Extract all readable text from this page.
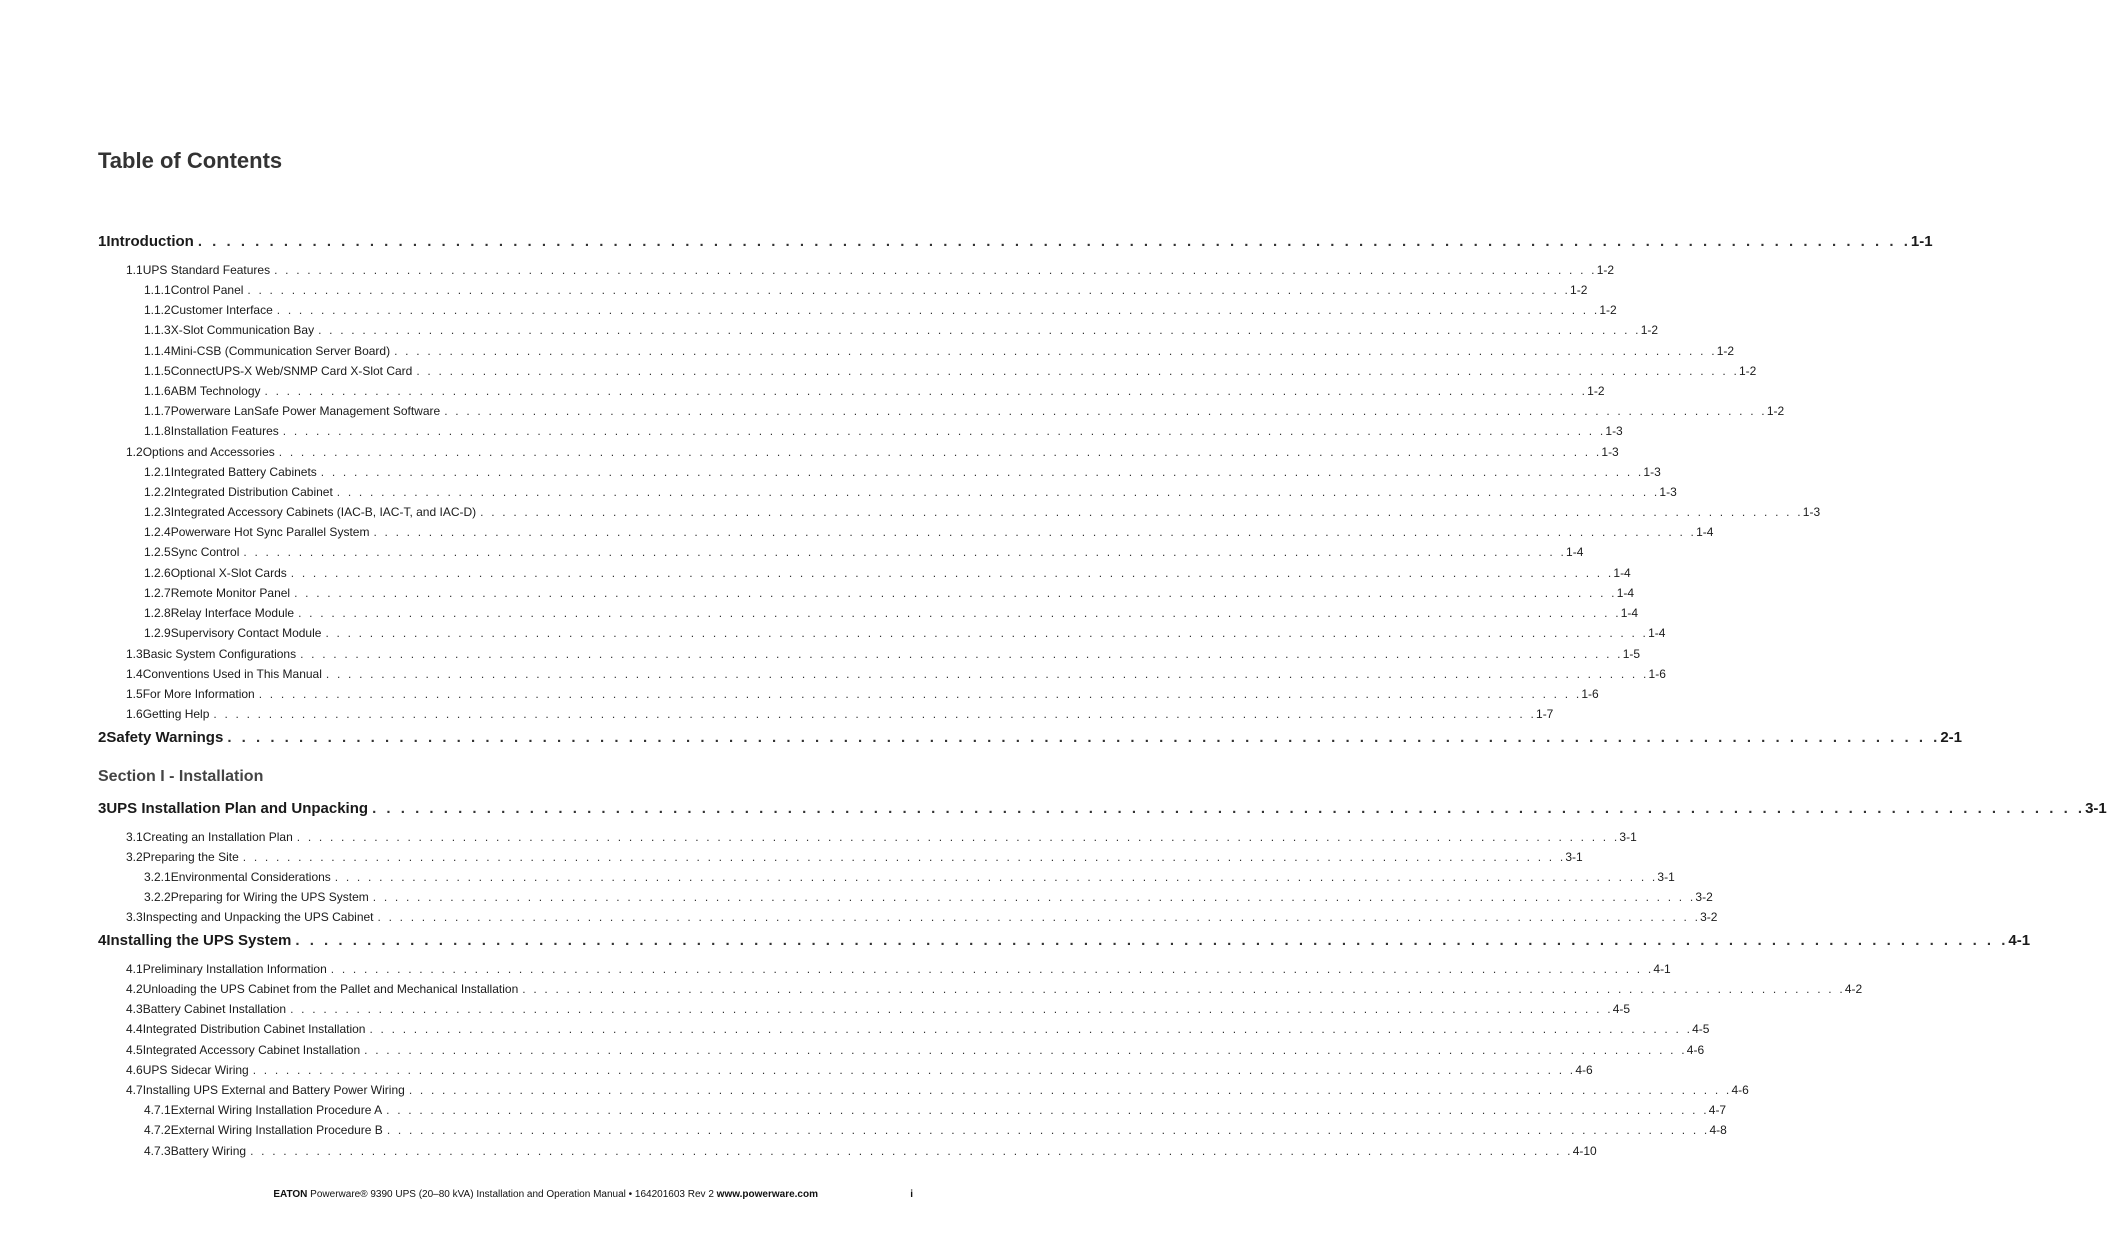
Table of Contents
1 Introduction . . . . . . . . . . . . . . . . . . . . . . . . . . . . . . . . . . . . . . . . . . . . . . . . . . . . . . . . . . . . . . . . . . . . . . . . . . . . . . . . . . . . . . . . . . . . . . . . . . . . . . . . . . . . . . . . . . . . . . . . 1-1
1.1 UPS Standard Features . . . . . . . . . . . . . . . . . . . . . . . . . . . . . . . . . . . . . . . . . . . . . . . . . . . . . . . . . . . . . . . . . . . . . . . . . . . . . . . . . . . . . . . . . . . . . . . . . . . . . . . . . . . . . . . . . . . . . . . . 1-2
1.1.1 Control Panel . . . . . . . . . . . . . . . . . . . . . . . . . . . . . . . . . . . . . . . . . . . . . . . . . . . . . . . . . . . . . . . . . . . . . . . . . . . . . . . . . . . . . . . . . . . . . . . . . . . . . . . . . . . . . . . . . . . . . . . . 1-2
1.1.2 Customer Interface . . . . . . . . . . . . . . . . . . . . . . . . . . . . . . . . . . . . . . . . . . . . . . . . . . . . . . . . . . . . . . . . . . . . . . . . . . . . . . . . . . . . . . . . . . . . . . . . . . . . . . . . . . . . . . . . . . . . . . . . 1-2
1.1.3 X-Slot Communication Bay . . . . . . . . . . . . . . . . . . . . . . . . . . . . . . . . . . . . . . . . . . . . . . . . . . . . . . . . . . . . . . . . . . . . . . . . . . . . . . . . . . . . . . . . . . . . . . . . . . . . . . . . . . . . . . . . . . . . . . . . 1-2
1.1.4 Mini-CSB (Communication Server Board) . . . . . . . . . . . . . . . . . . . . . . . . . . . . . . . . . . . . . . . . . . . . . . . . . . . . . . . . . . . . . . . . . . . . . . . . . . . . . . . . . . . . . . . . . . . . . . . . . . . . . . . . . . . . . . . . . . . . . . . . 1-2
1.1.5 ConnectUPS-X Web/SNMP Card X-Slot Card . . . . . . . . . . . . . . . . . . . . . . . . . . . . . . . . . . . . . . . . . . . . . . . . . . . . . . . . . . . . . . . . . . . . . . . . . . . . . . . . . . . . . . . . . . . . . . . . . . . . . . . . . . . . . . . . . . . . . . . . 1-2
1.1.6 ABM Technology . . . . . . . . . . . . . . . . . . . . . . . . . . . . . . . . . . . . . . . . . . . . . . . . . . . . . . . . . . . . . . . . . . . . . . . . . . . . . . . . . . . . . . . . . . . . . . . . . . . . . . . . . . . . . . . . . . . . . . . . 1-2
1.1.7 Powerware LanSafe Power Management Software . . . . . . . . . . . . . . . . . . . . . . . . . . . . . . . . . . . . . . . . . . . . . . . . . . . . . . . . . . . . . . . . . . . . . . . . . . . . . . . . . . . . . . . . . . . . . . . . . . . . . . . . . . . . . . . . . . . . . . . . 1-2
1.1.8 Installation Features . . . . . . . . . . . . . . . . . . . . . . . . . . . . . . . . . . . . . . . . . . . . . . . . . . . . . . . . . . . . . . . . . . . . . . . . . . . . . . . . . . . . . . . . . . . . . . . . . . . . . . . . . . . . . . . . . . . . . . . . 1-3
1.2 Options and Accessories . . . . . . . . . . . . . . . . . . . . . . . . . . . . . . . . . . . . . . . . . . . . . . . . . . . . . . . . . . . . . . . . . . . . . . . . . . . . . . . . . . . . . . . . . . . . . . . . . . . . . . . . . . . . . . . . . . . . . . . . 1-3
1.2.1 Integrated Battery Cabinets . . . . . . . . . . . . . . . . . . . . . . . . . . . . . . . . . . . . . . . . . . . . . . . . . . . . . . . . . . . . . . . . . . . . . . . . . . . . . . . . . . . . . . . . . . . . . . . . . . . . . . . . . . . . . . . . . . . . . . . . 1-3
1.2.2 Integrated Distribution Cabinet . . . . . . . . . . . . . . . . . . . . . . . . . . . . . . . . . . . . . . . . . . . . . . . . . . . . . . . . . . . . . . . . . . . . . . . . . . . . . . . . . . . . . . . . . . . . . . . . . . . . . . . . . . . . . . . . . . . . . . . . 1-3
1.2.3 Integrated Accessory Cabinets (IAC-B, IAC-T, and IAC-D) . . . . . . . . . . . . . . . . . . . . . . . . . . . . . . . . . . . . . . . . . . . . . . . . . . . . . . . . . . . . . . . . . . . . . . . . . . . . . . . . . . . . . . . . . . . . . . . . . . . . . . . . . . . . . . . . . . . . . . . . 1-3
1.2.4 Powerware Hot Sync Parallel System . . . . . . . . . . . . . . . . . . . . . . . . . . . . . . . . . . . . . . . . . . . . . . . . . . . . . . . . . . . . . . . . . . . . . . . . . . . . . . . . . . . . . . . . . . . . . . . . . . . . . . . . . . . . . . . . . . . . . . . . 1-4
1.2.5 Sync Control . . . . . . . . . . . . . . . . . . . . . . . . . . . . . . . . . . . . . . . . . . . . . . . . . . . . . . . . . . . . . . . . . . . . . . . . . . . . . . . . . . . . . . . . . . . . . . . . . . . . . . . . . . . . . . . . . . . . . . . . 1-4
1.2.6 Optional X-Slot Cards . . . . . . . . . . . . . . . . . . . . . . . . . . . . . . . . . . . . . . . . . . . . . . . . . . . . . . . . . . . . . . . . . . . . . . . . . . . . . . . . . . . . . . . . . . . . . . . . . . . . . . . . . . . . . . . . . . . . . . . . 1-4
1.2.7 Remote Monitor Panel . . . . . . . . . . . . . . . . . . . . . . . . . . . . . . . . . . . . . . . . . . . . . . . . . . . . . . . . . . . . . . . . . . . . . . . . . . . . . . . . . . . . . . . . . . . . . . . . . . . . . . . . . . . . . . . . . . . . . . . . 1-4
1.2.8 Relay Interface Module . . . . . . . . . . . . . . . . . . . . . . . . . . . . . . . . . . . . . . . . . . . . . . . . . . . . . . . . . . . . . . . . . . . . . . . . . . . . . . . . . . . . . . . . . . . . . . . . . . . . . . . . . . . . . . . . . . . . . . . . 1-4
1.2.9 Supervisory Contact Module . . . . . . . . . . . . . . . . . . . . . . . . . . . . . . . . . . . . . . . . . . . . . . . . . . . . . . . . . . . . . . . . . . . . . . . . . . . . . . . . . . . . . . . . . . . . . . . . . . . . . . . . . . . . . . . . . . . . . . . . 1-4
1.3 Basic System Configurations . . . . . . . . . . . . . . . . . . . . . . . . . . . . . . . . . . . . . . . . . . . . . . . . . . . . . . . . . . . . . . . . . . . . . . . . . . . . . . . . . . . . . . . . . . . . . . . . . . . . . . . . . . . . . . . . . . . . . . . . 1-5
1.4 Conventions Used in This Manual . . . . . . . . . . . . . . . . . . . . . . . . . . . . . . . . . . . . . . . . . . . . . . . . . . . . . . . . . . . . . . . . . . . . . . . . . . . . . . . . . . . . . . . . . . . . . . . . . . . . . . . . . . . . . . . . . . . . . . . . 1-6
1.5 For More Information . . . . . . . . . . . . . . . . . . . . . . . . . . . . . . . . . . . . . . . . . . . . . . . . . . . . . . . . . . . . . . . . . . . . . . . . . . . . . . . . . . . . . . . . . . . . . . . . . . . . . . . . . . . . . . . . . . . . . . . . 1-6
1.6 Getting Help . . . . . . . . . . . . . . . . . . . . . . . . . . . . . . . . . . . . . . . . . . . . . . . . . . . . . . . . . . . . . . . . . . . . . . . . . . . . . . . . . . . . . . . . . . . . . . . . . . . . . . . . . . . . . . . . . . . . . . . . 1-7
2 Safety Warnings . . . . . . . . . . . . . . . . . . . . . . . . . . . . . . . . . . . . . . . . . . . . . . . . . . . . . . . . . . . . . . . . . . . . . . . . . . . . . . . . . . . . . . . . . . . . . . . . . . . . . . . . . . . . . . . . . . . . . . . . 2-1
Section I - Installation
3 UPS Installation Plan and Unpacking . . . . . . . . . . . . . . . . . . . . . . . . . . . . . . . . . . . . . . . . . . . . . . . . . . . . . . . . . . . . . . . . . . . . . . . . . . . . . . . . . . . . . . . . . . . . . . . . . . . . . . . . . . . . . . . . . . . . . . . . 3-1
3.1 Creating an Installation Plan . . . . . . . . . . . . . . . . . . . . . . . . . . . . . . . . . . . . . . . . . . . . . . . . . . . . . . . . . . . . . . . . . . . . . . . . . . . . . . . . . . . . . . . . . . . . . . . . . . . . . . . . . . . . . . . . . . . . . . . . 3-1
3.2 Preparing the Site . . . . . . . . . . . . . . . . . . . . . . . . . . . . . . . . . . . . . . . . . . . . . . . . . . . . . . . . . . . . . . . . . . . . . . . . . . . . . . . . . . . . . . . . . . . . . . . . . . . . . . . . . . . . . . . . . . . . . . . . 3-1
3.2.1 Environmental Considerations . . . . . . . . . . . . . . . . . . . . . . . . . . . . . . . . . . . . . . . . . . . . . . . . . . . . . . . . . . . . . . . . . . . . . . . . . . . . . . . . . . . . . . . . . . . . . . . . . . . . . . . . . . . . . . . . . . . . . . . . 3-1
3.2.2 Preparing for Wiring the UPS System . . . . . . . . . . . . . . . . . . . . . . . . . . . . . . . . . . . . . . . . . . . . . . . . . . . . . . . . . . . . . . . . . . . . . . . . . . . . . . . . . . . . . . . . . . . . . . . . . . . . . . . . . . . . . . . . . . . . . . . . 3-2
3.3 Inspecting and Unpacking the UPS Cabinet . . . . . . . . . . . . . . . . . . . . . . . . . . . . . . . . . . . . . . . . . . . . . . . . . . . . . . . . . . . . . . . . . . . . . . . . . . . . . . . . . . . . . . . . . . . . . . . . . . . . . . . . . . . . . . . . . . . . . . . . 3-2
4 Installing the UPS System . . . . . . . . . . . . . . . . . . . . . . . . . . . . . . . . . . . . . . . . . . . . . . . . . . . . . . . . . . . . . . . . . . . . . . . . . . . . . . . . . . . . . . . . . . . . . . . . . . . . . . . . . . . . . . . . . . . . . . . . 4-1
4.1 Preliminary Installation Information . . . . . . . . . . . . . . . . . . . . . . . . . . . . . . . . . . . . . . . . . . . . . . . . . . . . . . . . . . . . . . . . . . . . . . . . . . . . . . . . . . . . . . . . . . . . . . . . . . . . . . . . . . . . . . . . . . . . . . . . 4-1
4.2 Unloading the UPS Cabinet from the Pallet and Mechanical Installation . . . . . . . . . . . . . . . . . . . . . . . . . . . . . . . . . . . . . . . . . . . . . . . . . . . . . . . . . . . . . . . . . . . . . . . . . . . . . . . . . . . . . . . . . . . . . . . . . . . . . . . . . . . . . . . . . . . . . . . . 4-2
4.3 Battery Cabinet Installation . . . . . . . . . . . . . . . . . . . . . . . . . . . . . . . . . . . . . . . . . . . . . . . . . . . . . . . . . . . . . . . . . . . . . . . . . . . . . . . . . . . . . . . . . . . . . . . . . . . . . . . . . . . . . . . . . . . . . . . . 4-5
4.4 Integrated Distribution Cabinet Installation . . . . . . . . . . . . . . . . . . . . . . . . . . . . . . . . . . . . . . . . . . . . . . . . . . . . . . . . . . . . . . . . . . . . . . . . . . . . . . . . . . . . . . . . . . . . . . . . . . . . . . . . . . . . . . . . . . . . . . . . 4-5
4.5 Integrated Accessory Cabinet Installation . . . . . . . . . . . . . . . . . . . . . . . . . . . . . . . . . . . . . . . . . . . . . . . . . . . . . . . . . . . . . . . . . . . . . . . . . . . . . . . . . . . . . . . . . . . . . . . . . . . . . . . . . . . . . . . . . . . . . . . . 4-6
4.6 UPS Sidecar Wiring . . . . . . . . . . . . . . . . . . . . . . . . . . . . . . . . . . . . . . . . . . . . . . . . . . . . . . . . . . . . . . . . . . . . . . . . . . . . . . . . . . . . . . . . . . . . . . . . . . . . . . . . . . . . . . . . . . . . . . . . 4-6
4.7 Installing UPS External and Battery Power Wiring . . . . . . . . . . . . . . . . . . . . . . . . . . . . . . . . . . . . . . . . . . . . . . . . . . . . . . . . . . . . . . . . . . . . . . . . . . . . . . . . . . . . . . . . . . . . . . . . . . . . . . . . . . . . . . . . . . . . . . . . 4-6
4.7.1 External Wiring Installation Procedure A . . . . . . . . . . . . . . . . . . . . . . . . . . . . . . . . . . . . . . . . . . . . . . . . . . . . . . . . . . . . . . . . . . . . . . . . . . . . . . . . . . . . . . . . . . . . . . . . . . . . . . . . . . . . . . . . . . . . . . . . 4-7
4.7.2 External Wiring Installation Procedure B . . . . . . . . . . . . . . . . . . . . . . . . . . . . . . . . . . . . . . . . . . . . . . . . . . . . . . . . . . . . . . . . . . . . . . . . . . . . . . . . . . . . . . . . . . . . . . . . . . . . . . . . . . . . . . . . . . . . . . . . 4-8
4.7.3 Battery Wiring . . . . . . . . . . . . . . . . . . . . . . . . . . . . . . . . . . . . . . . . . . . . . . . . . . . . . . . . . . . . . . . . . . . . . . . . . . . . . . . . . . . . . . . . . . . . . . . . . . . . . . . . . . . . . . . . . . . . . . . . 4-10
EATON Powerware® 9390 UPS (20–80 kVA) Installation and Operation Manual • 164201603 Rev 2 www.powerware.com	i
